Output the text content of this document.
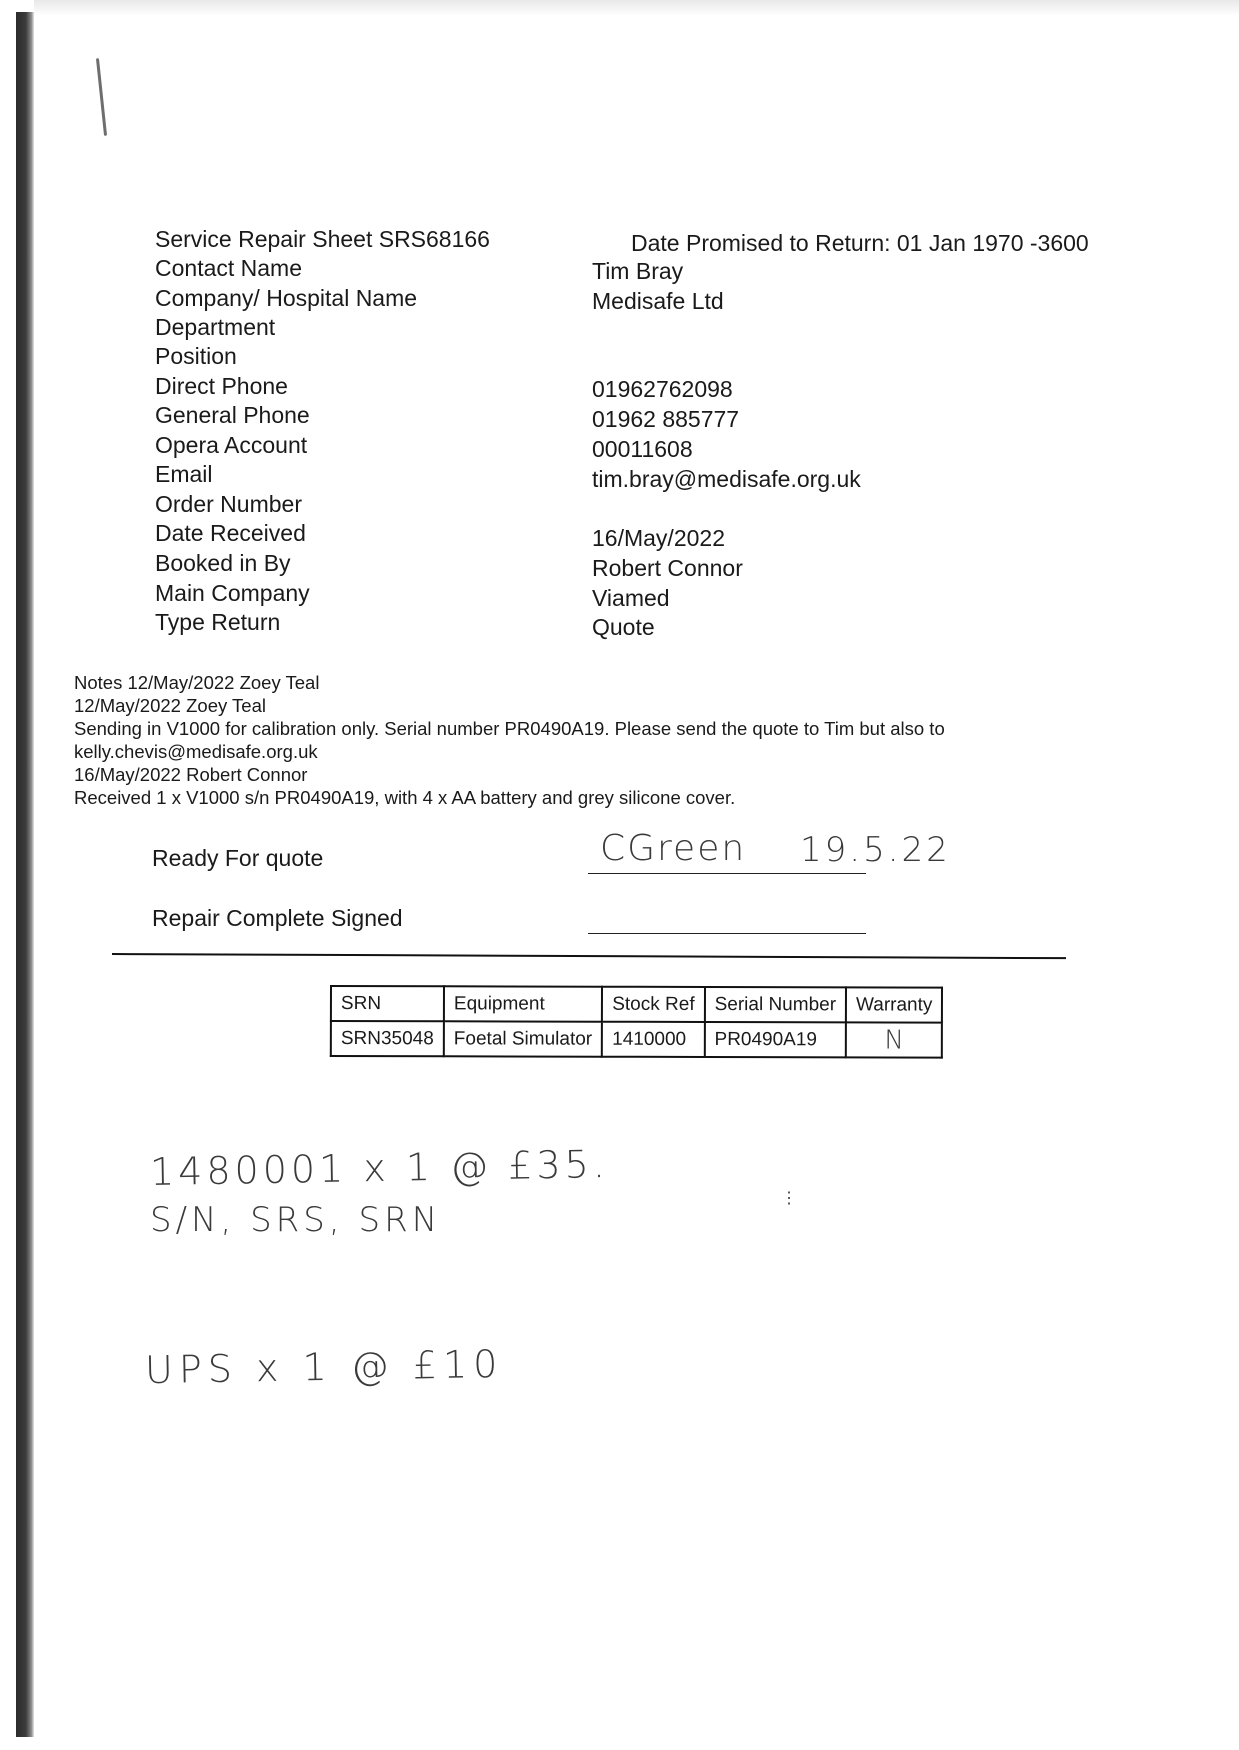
Service Repair Sheet SRS68166	Date Promised to Return: 01 Jan 1970 -3600
Contact Name	Tim Bray
Company/ Hospital Name	Medisafe Ltd
Department
Position
Direct Phone	01962762098
General Phone	01962 885777
Opera Account	00011608
Email	tim.bray@medisafe.org.uk
Order Number
Date Received	16/May/2022
Booked in By	Robert Connor
Main Company	Viamed
Type Return	Quote
Notes 12/May/2022 Zoey Teal
12/May/2022 Zoey Teal
Sending in V1000 for calibration only. Serial number PR0490A19. Please send the quote to Tim but also to
kelly.chevis@medisafe.org.uk
16/May/2022 Robert Connor
Received 1 x V1000 s/n PR0490A19, with 4 x AA battery and grey silicone cover.
Ready For quote	CGreen 19.5.22
Repair Complete Signed
SRN	Equipment	Stock Ref	Serial Number	Warranty
SRN35048	Foetal Simulator	1410000	PR0490A19	N
1480001 x 1 @ £35.
S/N, SRS, SRN
UPS x 1 @ £10
⋮
